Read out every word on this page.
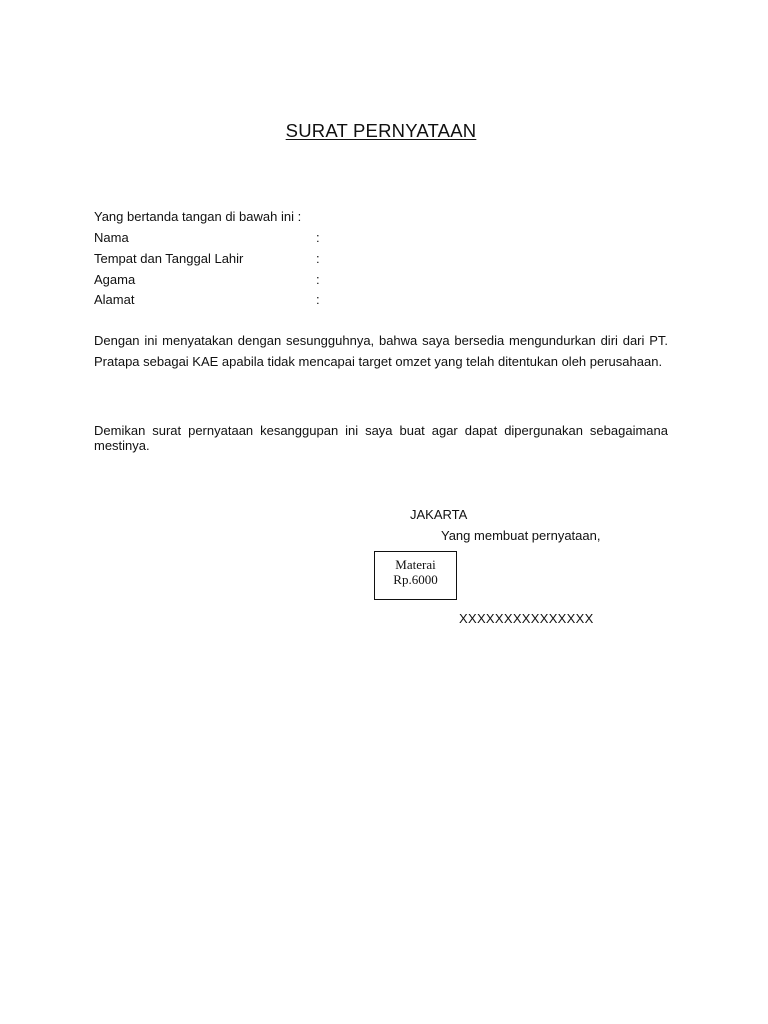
SURAT PERNYATAAN
Yang bertanda tangan di bawah ini :
Nama	:
Tempat dan Tanggal Lahir	:
Agama	:
Alamat	:
Dengan ini menyatakan dengan sesungguhnya, bahwa saya bersedia mengundurkan diri dari PT. Pratapa sebagai KAE apabila tidak mencapai target omzet yang telah ditentukan oleh perusahaan.
Demikan surat pernyataan kesanggupan ini saya buat agar dapat dipergunakan sebagaimana mestinya.
JAKARTA
Yang membuat pernyataan,
Materai
Rp.6000
XXXXXXXXXXXXXXX
